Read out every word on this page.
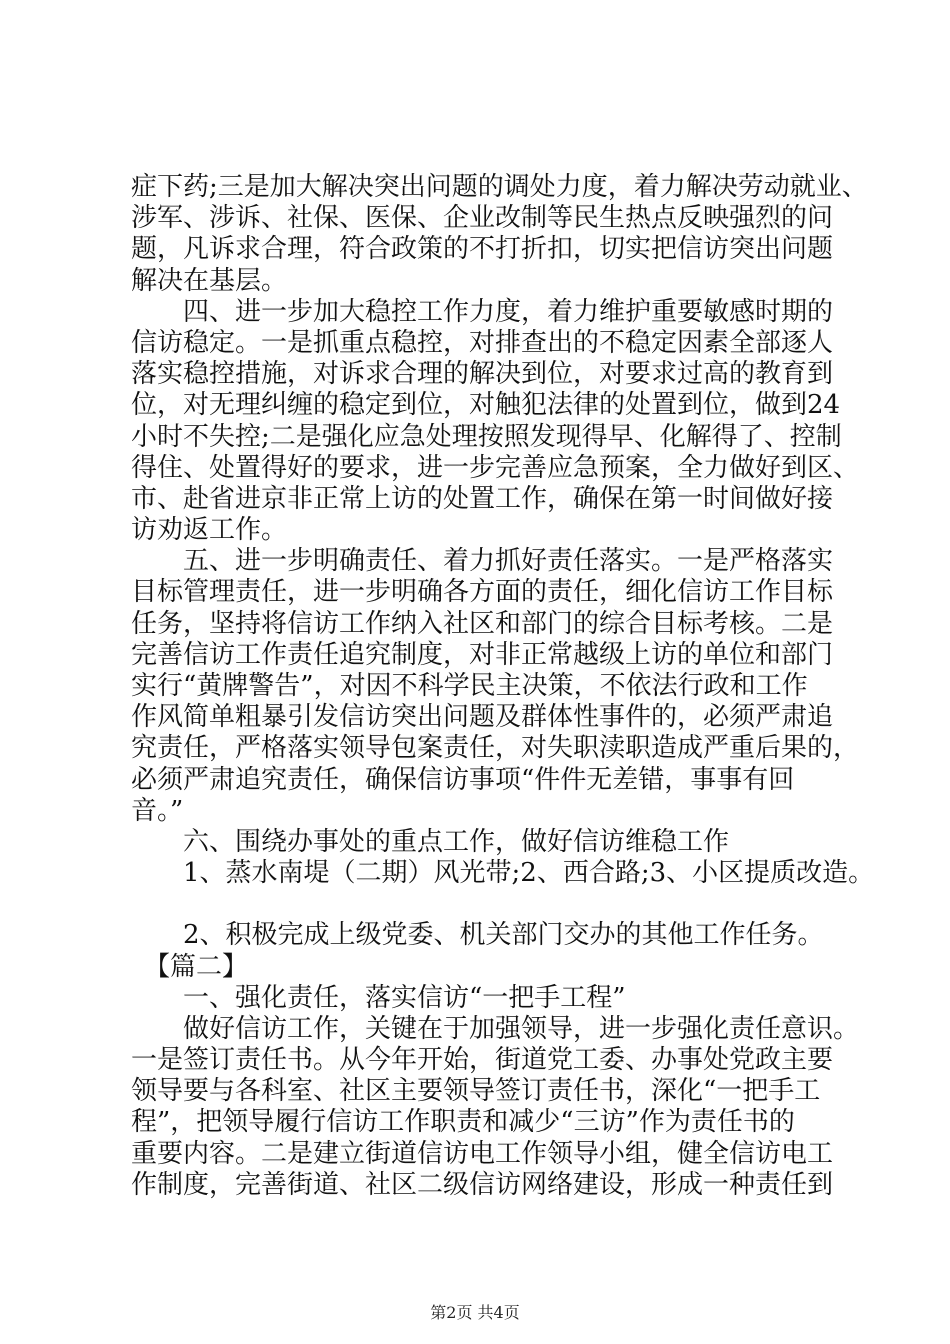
症下药;三是加大解决突出问题的调处力度，着力解决劳动就业、
涉军、涉诉、社保、医保、企业改制等民生热点反映强烈的问
题，凡诉求合理，符合政策的不打折扣，切实把信访突出问题
解决在基层。
　　四、进一步加大稳控工作力度，着力维护重要敏感时期的
信访稳定。一是抓重点稳控，对排查出的不稳定因素全部逐人
落实稳控措施，对诉求合理的解决到位，对要求过高的教育到
位，对无理纠缠的稳定到位，对触犯法律的处置到位，做到24
小时不失控;二是强化应急处理按照发现得早、化解得了、控制
得住、处置得好的要求，进一步完善应急预案，全力做好到区、
市、赴省进京非正常上访的处置工作，确保在第一时间做好接
访劝返工作。
　　五、进一步明确责任、着力抓好责任落实。一是严格落实
目标管理责任，进一步明确各方面的责任，细化信访工作目标
任务，坚持将信访工作纳入社区和部门的综合目标考核。二是
完善信访工作责任追究制度，对非正常越级上访的单位和部门
实行“黄牌警告”，对因不科学民主决策，不依法行政和工作
作风简单粗暴引发信访突出问题及群体性事件的，必须严肃追
究责任，严格落实领导包案责任，对失职渎职造成严重后果的，
必须严肃追究责任，确保信访事项“件件无差错，事事有回
音。”
　　六、围绕办事处的重点工作，做好信访维稳工作
　　1、蒸水南堤（二期）风光带;2、西合路;3、小区提质改造。
　　2、积极完成上级党委、机关部门交办的其他工作任务。
　【篇二】
　　一、强化责任，落实信访“一把手工程”
　　做好信访工作，关键在于加强领导，进一步强化责任意识。
一是签订责任书。从今年开始，街道党工委、办事处党政主要
领导要与各科室、社区主要领导签订责任书，深化“一把手工
程”，把领导履行信访工作职责和减少“三访”作为责任书的
重要内容。二是建立街道信访电工作领导小组，健全信访电工
作制度，完善街道、社区二级信访网络建设，形成一种责任到
第2页 共4页
